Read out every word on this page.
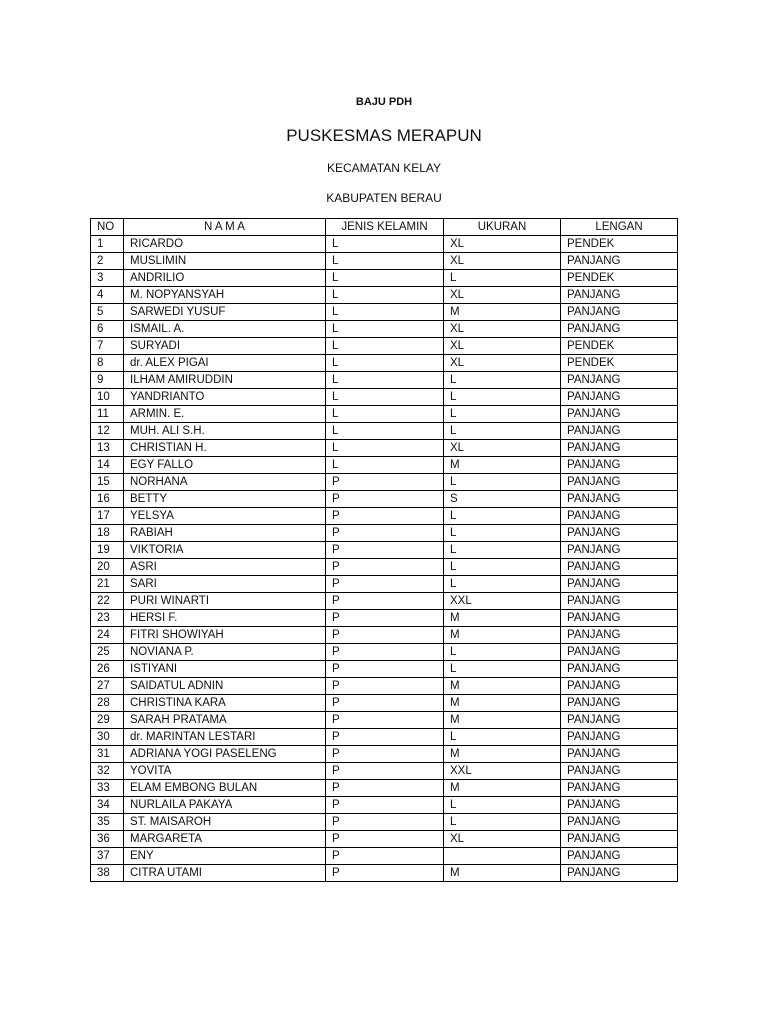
BAJU PDH
PUSKESMAS MERAPUN
KECAMATAN KELAY
KABUPATEN BERAU
NO	N A M A	JENIS KELAMIN	UKURAN	LENGAN
1	RICARDO	L	XL	PENDEK
2	MUSLIMIN	L	XL	PANJANG
3	ANDRILIO	L	L	PENDEK
4	M. NOPYANSYAH	L	XL	PANJANG
5	SARWEDI YUSUF	L	M	PANJANG
6	ISMAIL. A.	L	XL	PANJANG
7	SURYADI	L	XL	PENDEK
8	dr. ALEX PIGAI	L	XL	PENDEK
9	ILHAM AMIRUDDIN	L	L	PANJANG
10	YANDRIANTO	L	L	PANJANG
11	ARMIN. E.	L	L	PANJANG
12	MUH. ALI S.H.	L	L	PANJANG
13	CHRISTIAN H.	L	XL	PANJANG
14	EGY FALLO	L	M	PANJANG
15	NORHANA	P	L	PANJANG
16	BETTY	P	S	PANJANG
17	YELSYA	P	L	PANJANG
18	RABIAH	P	L	PANJANG
19	VIKTORIA	P	L	PANJANG
20	ASRI	P	L	PANJANG
21	SARI	P	L	PANJANG
22	PURI WINARTI	P	XXL	PANJANG
23	HERSI F.	P	M	PANJANG
24	FITRI SHOWIYAH	P	M	PANJANG
25	NOVIANA P.	P	L	PANJANG
26	ISTIYANI	P	L	PANJANG
27	SAIDATUL ADNIN	P	M	PANJANG
28	CHRISTINA KARA	P	M	PANJANG
29	SARAH PRATAMA	P	M	PANJANG
30	dr. MARINTAN LESTARI	P	L	PANJANG
31	ADRIANA YOGI PASELENG	P	M	PANJANG
32	YOVITA	P	XXL	PANJANG
33	ELAM EMBONG BULAN	P	M	PANJANG
34	NURLAILA PAKAYA	P	L	PANJANG
35	ST. MAISAROH	P	L	PANJANG
36	MARGARETA	P	XL	PANJANG
37	ENY	P		PANJANG
38	CITRA UTAMI	P	M	PANJANG
